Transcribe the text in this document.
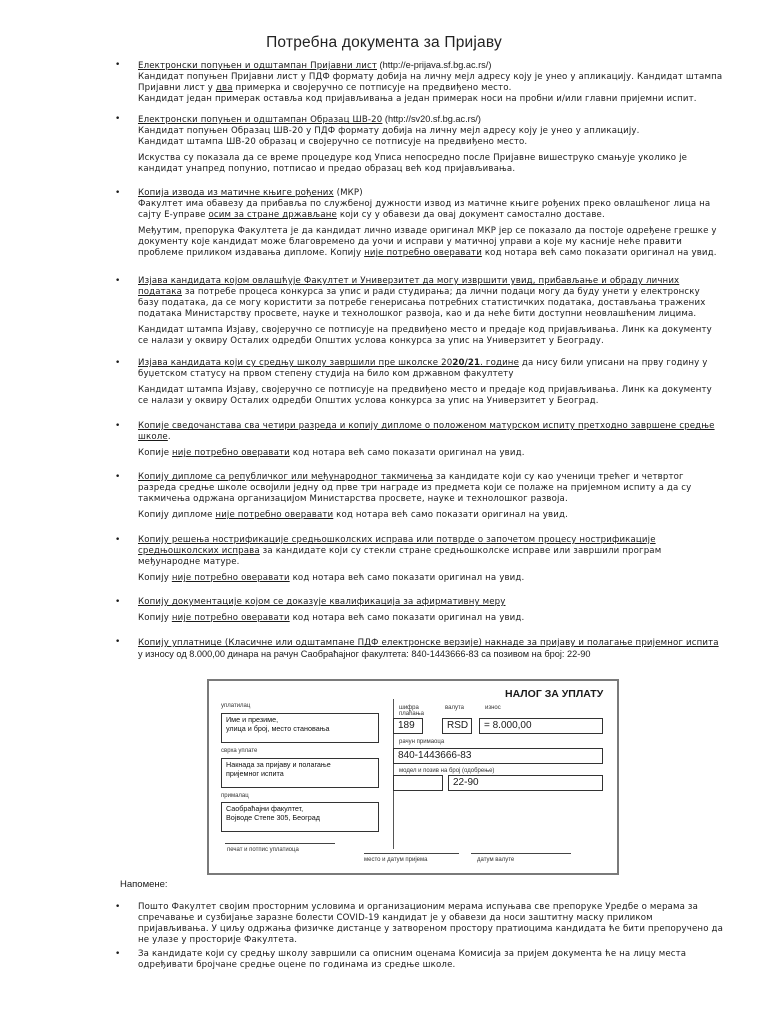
Потребна документа за Пријаву
• Електронски попуњен и одштампан Пријавни лист (http://e-prijava.sf.bg.ac.rs/)
Кандидат попуњен Пријавни лист у ПДФ формату добија на личну мејл адресу коју је унео у апликацију. Кандидат штампа Пријавни лист у два примерка и својеручно се потписује на предвиђено место.
Кандидат један примерак оставља код пријављивања а један примерак носи на пробни и/или главни пријемни испит.

• Електронски попуњен и одштампан Образац ШВ-20 (http://sv20.sf.bg.ac.rs/)
Кандидат попуњен Образац ШВ-20 у ПДФ формату добија на личну мејл адресу коју је унео у апликацију.
Кандидат штампа ШВ-20 образац и својеручно се потписује на предвиђено место.

Искуства су показала да се време процедуре код Уписа непосредно после Пријавне вишеструко смањује уколико је кандидат унапред попунио, потписао и предао образац већ код пријављивања.

• Копија извода из матичне књиге рођених (МКР)
Факултет има обавезу да прибавља по службеној дужности извод из матичне књиге рођених преко овлашћеног лица на сајту Е-управе осим за стране држављане који су у обавези да овај документ самостално доставе.

Међутим, препорука Факултета је да кандидат лично изваде оригинал МКР јер се показало да постоје одређене грешке у документу које кандидат може благовремено да уочи и исправи у матичној управи а које му касније неће правити проблеме приликом издавања дипломе. Копију није потребно оверавати код нотара већ само показати оригинал на увид.

• Изјава кандидата којом овлашћује Факултет и Универзитет да могу извршити увид, прибављање и обраду личних података за потребе процеса конкурса за упис и ради студирања; да лични подаци могу да буду унети у електронску базу података, да се могу користити за потребе генерисања потребних статистичких података, достављања тражених података Министарству просвете, науке и технолошког развоја, као и да неће бити доступни неовлашћеним лицима.

Кандидат штампа Изјаву, својеручно се потписује на предвиђено место и предаје код пријављивања. Линк ка документу се налази у оквиру Осталих одредби Општих услова конкурса за упис на Универзитет у Београду.

• Изјава кандидата који су средњу школу завршили пре школске 2020/21. године да нису били уписани на прву годину у буџетском статусу на првом степену студија на било ком државном факултету

Кандидат штампа Изјаву, својеручно се потписује на предвиђено место и предаје код пријављивања. Линк ка документу се налази у оквиру Осталих одредби Општих услова конкурса за упис на Универзитет у Београд.

• Копије сведочанстава сва четири разреда и копију дипломе о положеном матурском испиту претходно завршене средње школе.

Копије није потребно оверавати код нотара већ само показати оригинал на увид.

• Копију дипломе са републичког или међународног такмичења за кандидате који су као ученици трећег и четвртог разреда средње школе освојили једну од прве три награде из предмета који се полаже на пријемном испиту а да су такмичења одржана организацијом Министарства просвете, науке и технолошког развоја.

Копију дипломе није потребно оверавати код нотара већ само показати оригинал на увид.

• Копију решења нострификације средњошколских исправа или потврде о започетом процесу нострификације средњошколских исправа за кандидате који су стекли стране средњошколске исправе или завршили програм међународне матуре.

Копију није потребно оверавати код нотара већ само показати оригинал на увид.

• Копију документације којом се доказује квалификација за афирмативну меру

Копију није потребно оверавати код нотара већ само показати оригинал на увид.

• Копију уплатнице (Класичне или одштампане ПДФ електронске верзије) накнаде за пријаву и полагање пријемног испита у износу од 8.000,00 динара на рачун Саобраћајног факултета: 840-1443666-83 са позивом на број: 22-90

НАЛОГ ЗА УПЛАТУ
уплатилац
Име и презиме,
улица и број, место становања
сврха уплате
Накнада за пријаву и полагање
пријемног испита
прималац
Саобраћајни факултет,
Војводе Степе 305, Београд
печат и потпис уплатиоца
шифра плаћања
189
валута
RSD
износ
= 8.000,00
рачун примаоца
840-1443666-83
модел и позив на број (одобрење)
22-90
место и датум пријема	датум валуте
Напомене:
• Пошто Факултет својим просторним условима и организационим мерама испуњава све препоруке Уредбе о мерама за спречавање и сузбијање заразне болести COVID-19 кандидат је у обавези да носи заштитну маску приликом пријављивања. У циљу одржања физичке дистанце у затвореном простору пратиоцима кандидата ће бити препоручено да не улазе у просторије Факултета.

• За кандидате који су средњу школу завршили са описним оценама Комисија за пријем документа ће на лицу места одређивати бројчане средње оцене по годинама из средње школе.
